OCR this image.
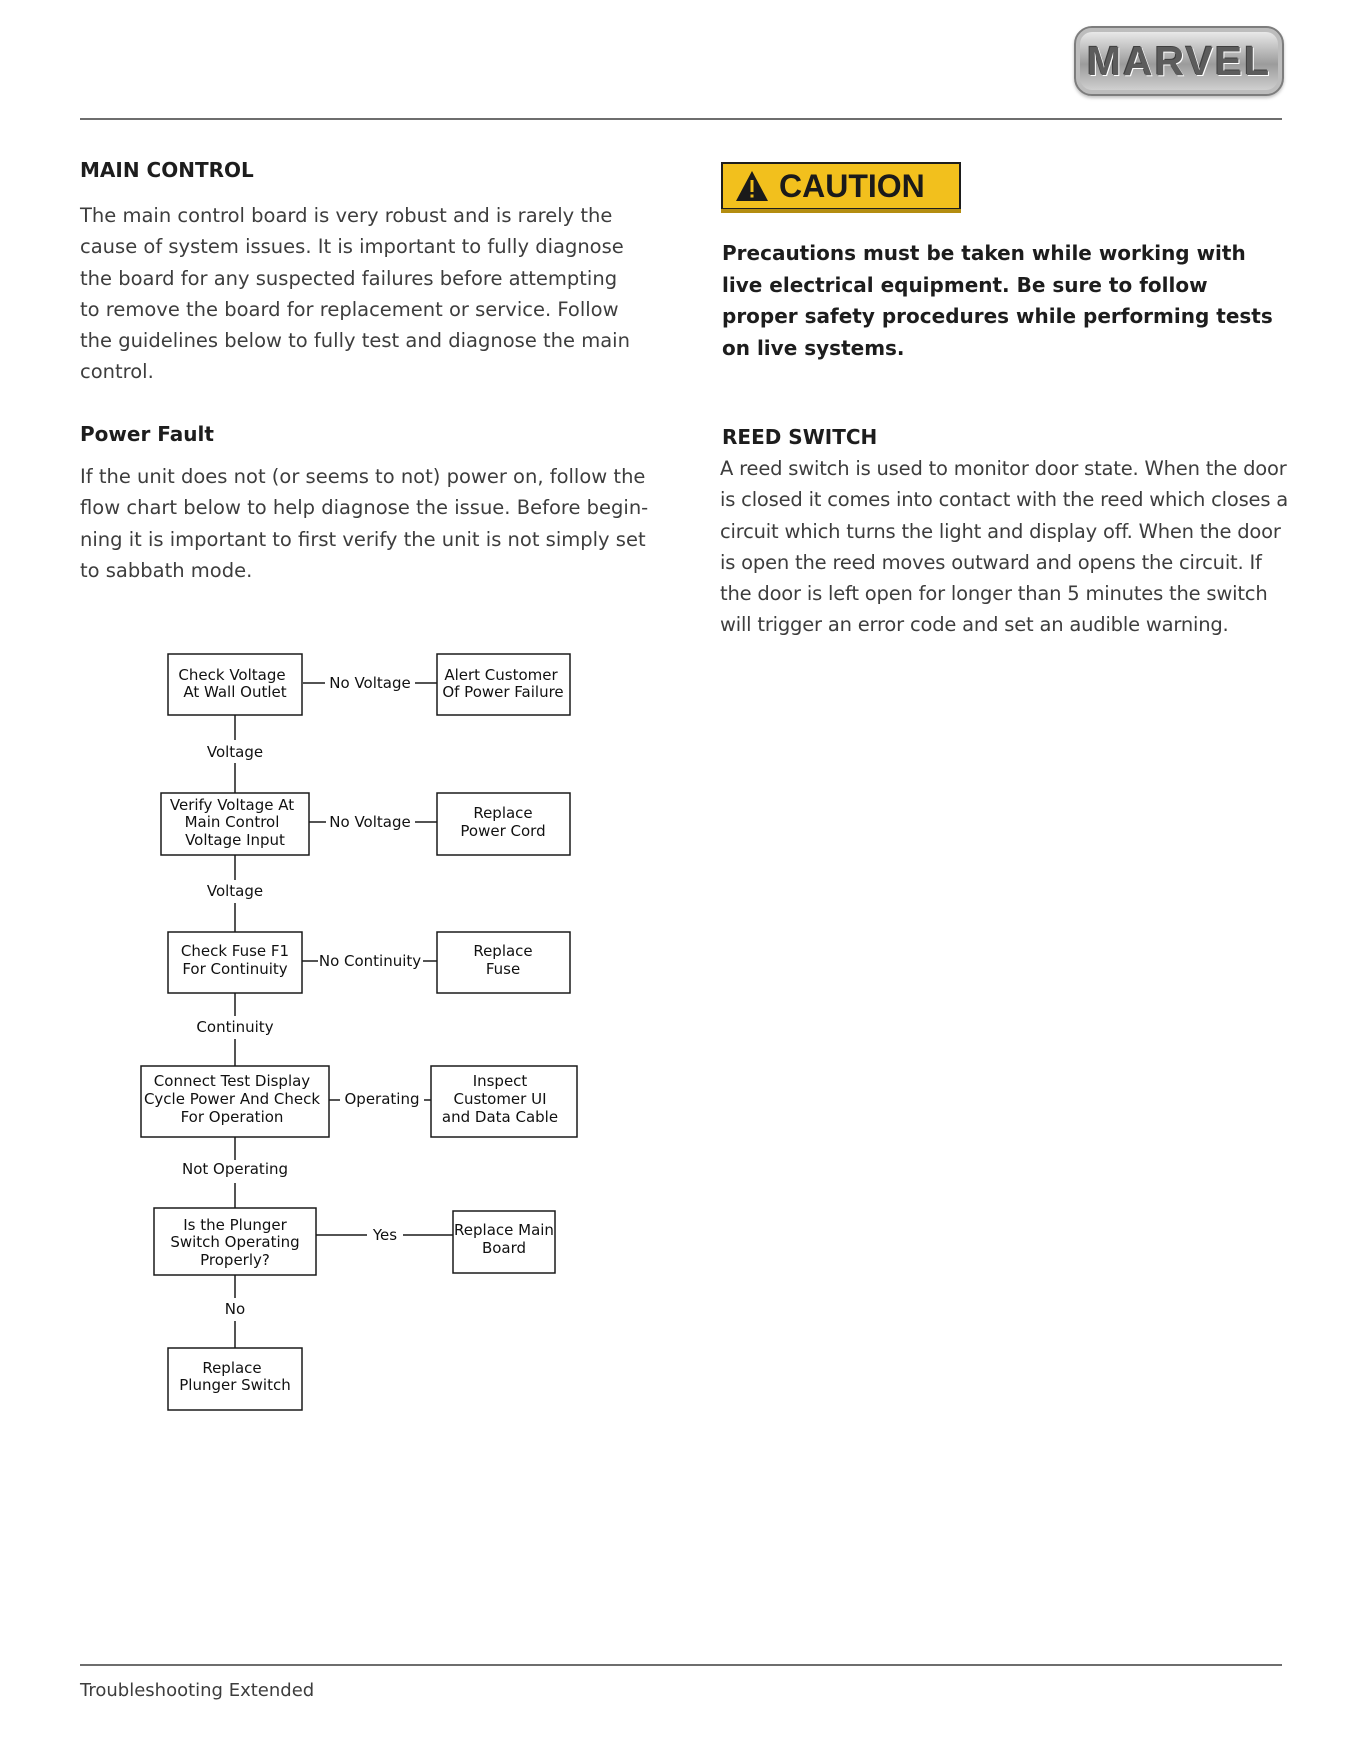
MARVEL
MAIN CONTROL

The main control board is very robust and is rarely the
cause of system issues. It is important to fully diagnose
the board for any suspected failures before attempting
to remove the board for replacement or service. Follow
the guidelines below to fully test and diagnose the main
control.

Power Fault

If the unit does not (or seems to not) power on, follow the
flow chart below to help diagnose the issue. Before begin-
ning it is important to first verify the unit is not simply set
to sabbath mode.

CAUTION

Precautions must be taken while working with
live electrical equipment. Be sure to follow
proper safety procedures while performing tests
on live systems.

REED SWITCH

A reed switch is used to monitor door state. When the door
is closed it comes into contact with the reed which closes a
circuit which turns the light and display off. When the door
is open the reed moves outward and opens the circuit. If
the door is left open for longer than 5 minutes the switch
will trigger an error code and set an audible warning.

Check Voltage
At Wall Outlet	No Voltage Alert Customer
Of Power Failure
Voltage
Verify Voltage At
Main Control
Voltage Input
No Voltage	Replace
Power Cord
Voltage
Check Fuse F1
For Continuity No Continuity
Replace
Fuse
Continuity
Connect Test Display
Cycle Power And Check
For Operation
Operating
Inspect
Customer UI
and Data Cable
Not Operating
Is the Plunger
Switch Operating
Properly?
Yes	Replace Main
Board
No
Replace
Plunger Switch

Troubleshooting Extended
